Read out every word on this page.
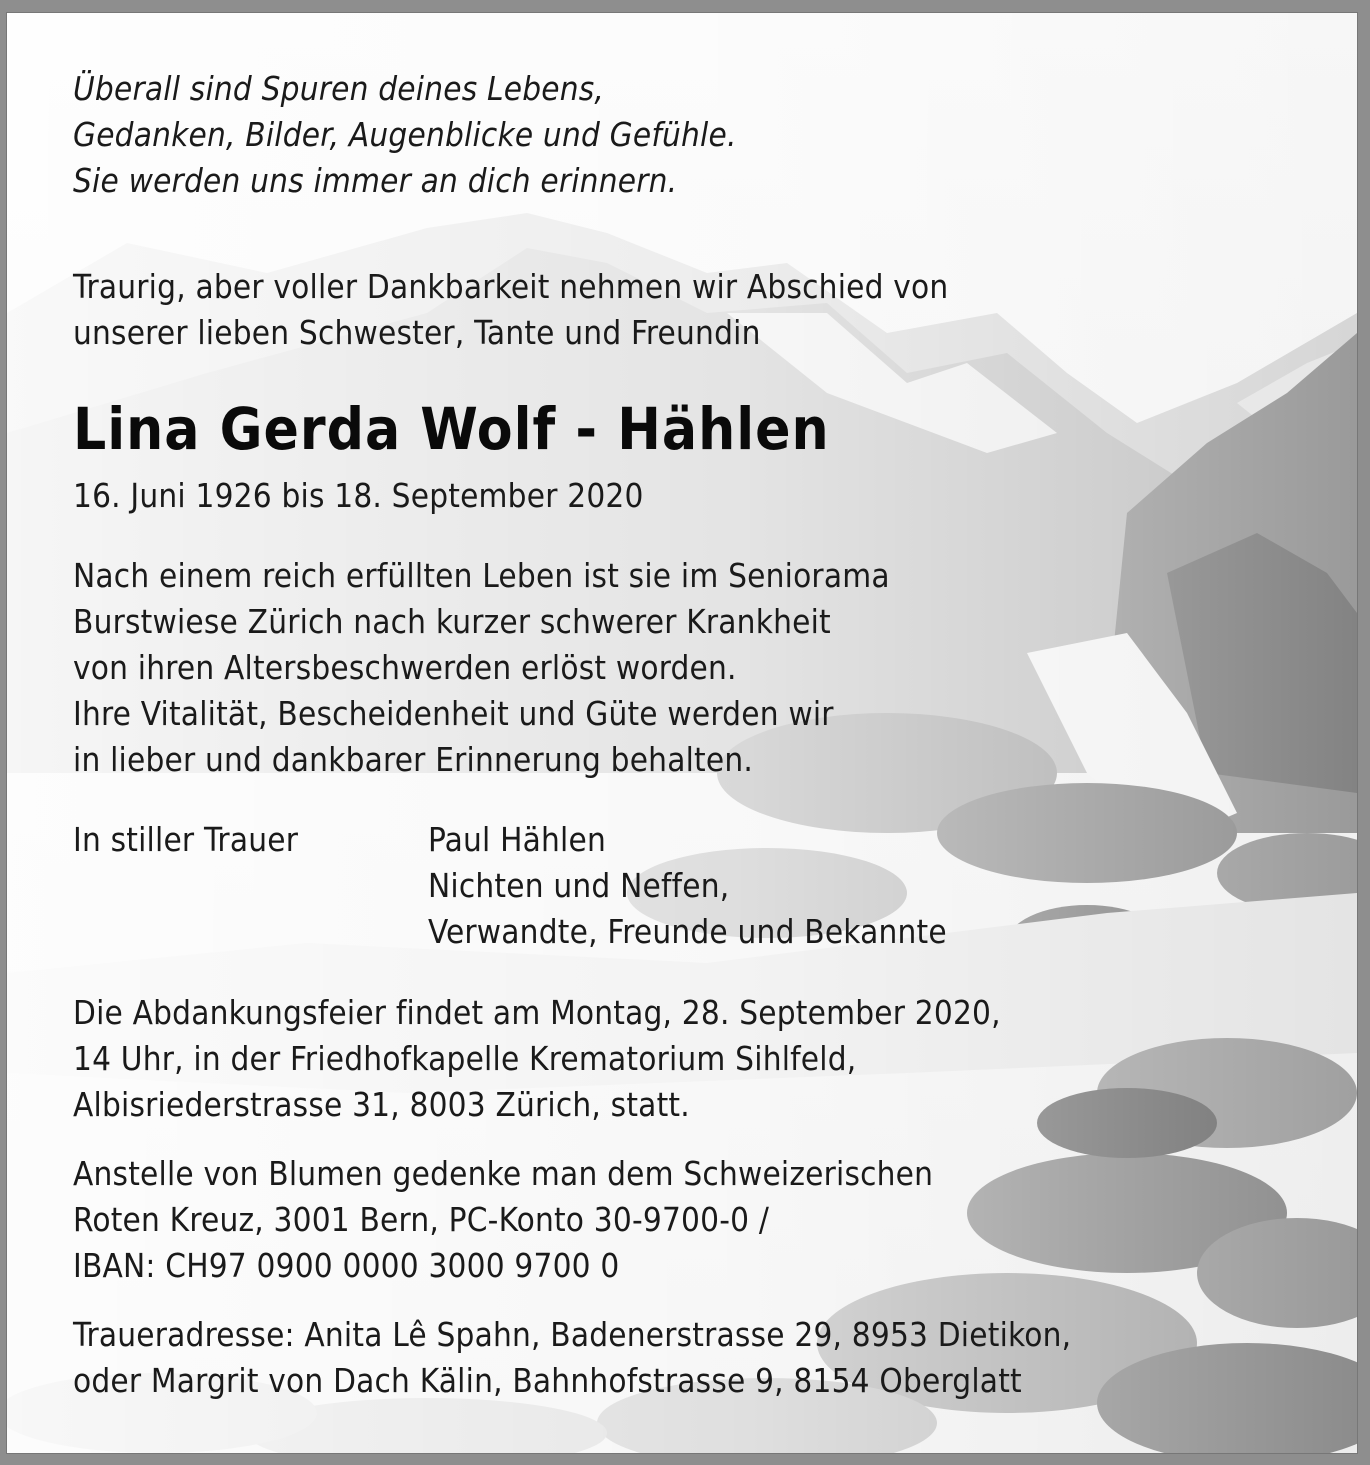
Überall sind Spuren deines Lebens,
Gedanken, Bilder, Augenblicke und Gefühle.
Sie werden uns immer an dich erinnern.
Traurig, aber voller Dankbarkeit nehmen wir Abschied von
unserer lieben Schwester, Tante und Freundin
Lina Gerda Wolf - Hählen
16. Juni 1926 bis 18. September 2020
Nach einem reich erfüllten Leben ist sie im Seniorama
Burstwiese Zürich nach kurzer schwerer Krankheit
von ihren Altersbeschwerden erlöst worden.
Ihre Vitalität, Bescheidenheit und Güte werden wir
in lieber und dankbarer Erinnerung behalten.
In stiller Trauer	Paul Hählen
Nichten und Neffen,
Verwandte, Freunde und Bekannte
Die Abdankungsfeier findet am Montag, 28. September 2020,
14 Uhr, in der Friedhofkapelle Krematorium Sihlfeld,
Albisriederstrasse 31, 8003 Zürich, statt.
Anstelle von Blumen gedenke man dem Schweizerischen
Roten Kreuz, 3001 Bern, PC-Konto 30-9700-0 /
IBAN: CH97 0900 0000 3000 9700 0
Traueradresse: Anita Lê Spahn, Badenerstrasse 29, 8953 Dietikon,
oder Margrit von Dach Kälin, Bahnhofstrasse 9, 8154 Oberglatt
